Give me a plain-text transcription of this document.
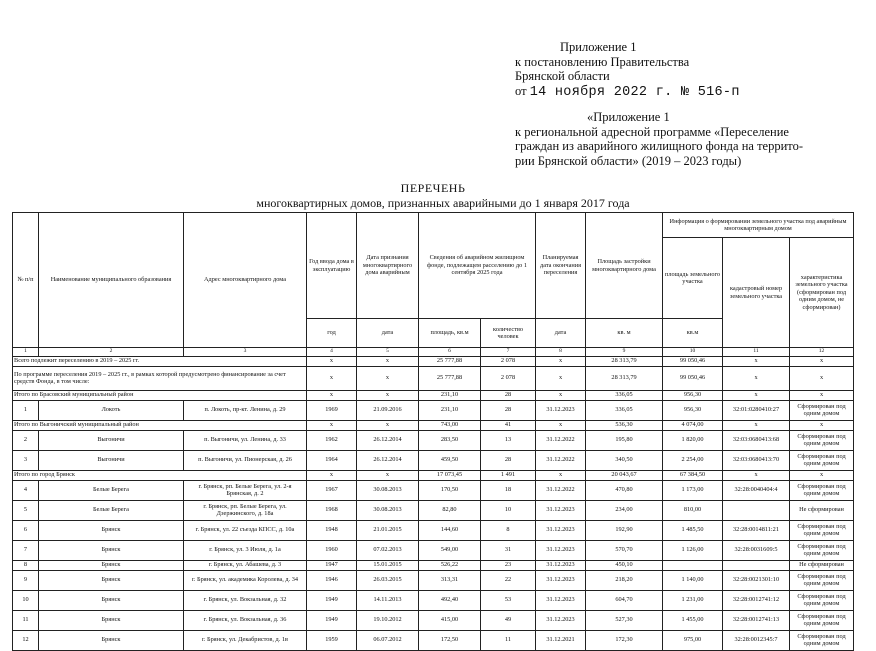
Приложение 1
к постановлению Правительства
Брянской области
от 14 ноября 2022 г. № 516-п
«Приложение 1
к региональной адресной программе «Переселение
граждан из аварийного жилищного фонда на террито-
рии Брянской области» (2019 – 2023 годы)
ПЕРЕЧЕНЬ
многоквартирных домов, признанных аварийными до 1 января 2017 года
№ п/п	Наименование муниципального образования	Адрес многоквартирного дома	Год ввода дома в эксплуатацию	Дата признания многоквартирного дома аварийным	Сведения об аварийном жилищном фонде, подлежащем расселению до 1 сентября 2025 года		Планируемая дата окончания переселения	Площадь застройки многоквартирного дома	Информация о формировании земельного участка под аварийным многоквартирным домом		
									площадь земельного участка	кадастровый номер земельного участка	характеристика земельного участка (сформирован под одним домом, не сформирован)
			год	дата	площадь, кв.м	количество человек	дата	кв. м	кв.м		
1	2	3	4	5	6	7	8	9	10	11	12
Всего подлежит переселению в 2019 – 2025 гг.			х	х	25 777,88	2 078	х	28 313,79	99 050,46	х	х
По программе переселения 2019 – 2025 гг., в рамках которой предусмотрено финансирование за счет средств Фонда, в том числе:			х	х	25 777,88	2 078	х	28 313,79	99 050,46	х	х
Итого по Брасовский муниципальный район			х	х	231,10	28	х	336,05	956,30	х	х
1	Локоть	п. Локоть, пр-кт. Ленина, д. 29	1969	21.09.2016	231,10	28	31.12.2023	336,05	956,30	32:01:0280410:27	Сформирован под одним домом
Итого по Выгоничский муниципальный район			х	х	743,00	41	х	536,30	4 074,00	х	х
2	Выгоничи	п. Выгоничи, ул. Ленина, д. 33	1962	26.12.2014	283,50	13	31.12.2022	195,80	1 820,00	32:03:0680413:68	Сформирован под одним домом
3	Выгоничи	п. Выгоничи, ул. Пионерская, д. 26	1964	26.12.2014	459,50	28	31.12.2022	340,50	2 254,00	32:03:0680413:70	Сформирован под одним домом
Итого по город Брянск			х	х	17 073,45	1 491	х	20 043,67	67 384,50	х	х
4	Белые Берега	г. Брянск, рп. Белые Берега, ул. 2-я Брянская, д. 2	1967	30.08.2013	170,50	18	31.12.2022	470,80	1 173,00	32:28:0040404:4	Сформирован под одним домом
5	Белые Берега	г. Брянск, рп. Белые Берега, ул. Дзержинского, д. 18а	1968	30.08.2013	82,80	10	31.12.2023	234,00	810,00		Не сформирован
6	Брянск	г. Брянск, ул. 22 съезда КПСС, д. 10а	1948	21.01.2015	144,60	8	31.12.2023	192,90	1 485,50	32:28:0014811:21	Сформирован под одним домом
7	Брянск	г. Брянск, ул. 3 Июля, д. 1а	1960	07.02.2013	549,00	31	31.12.2023	570,70	1 126,00	32:28:0031609:5	Сформирован под одним домом
8	Брянск	г. Брянск, ул. Абашева, д. 3	1947	15.01.2015	526,22	23	31.12.2023	450,10			Не сформирован
9	Брянск	г. Брянск, ул. академика Королева, д. 34	1946	26.03.2015	313,31	22	31.12.2023	218,20	1 140,00	32:28:0021301:10	Сформирован под одним домом
10	Брянск	г. Брянск, ул. Вокзальная, д. 32	1949	14.11.2013	492,40	53	31.12.2023	604,70	1 231,00	32:28:0012741:12	Сформирован под одним домом
11	Брянск	г. Брянск, ул. Вокзальная, д. 36	1949	19.10.2012	415,00	49	31.12.2023	527,30	1 455,00	32:28:0012741:13	Сформирован под одним домом
12	Брянск	г. Брянск, ул. Декабристов, д. 1в	1959	06.07.2012	172,50	11	31.12.2021	172,30	975,00	32:28:0012345:7	Сформирован под одним домом
